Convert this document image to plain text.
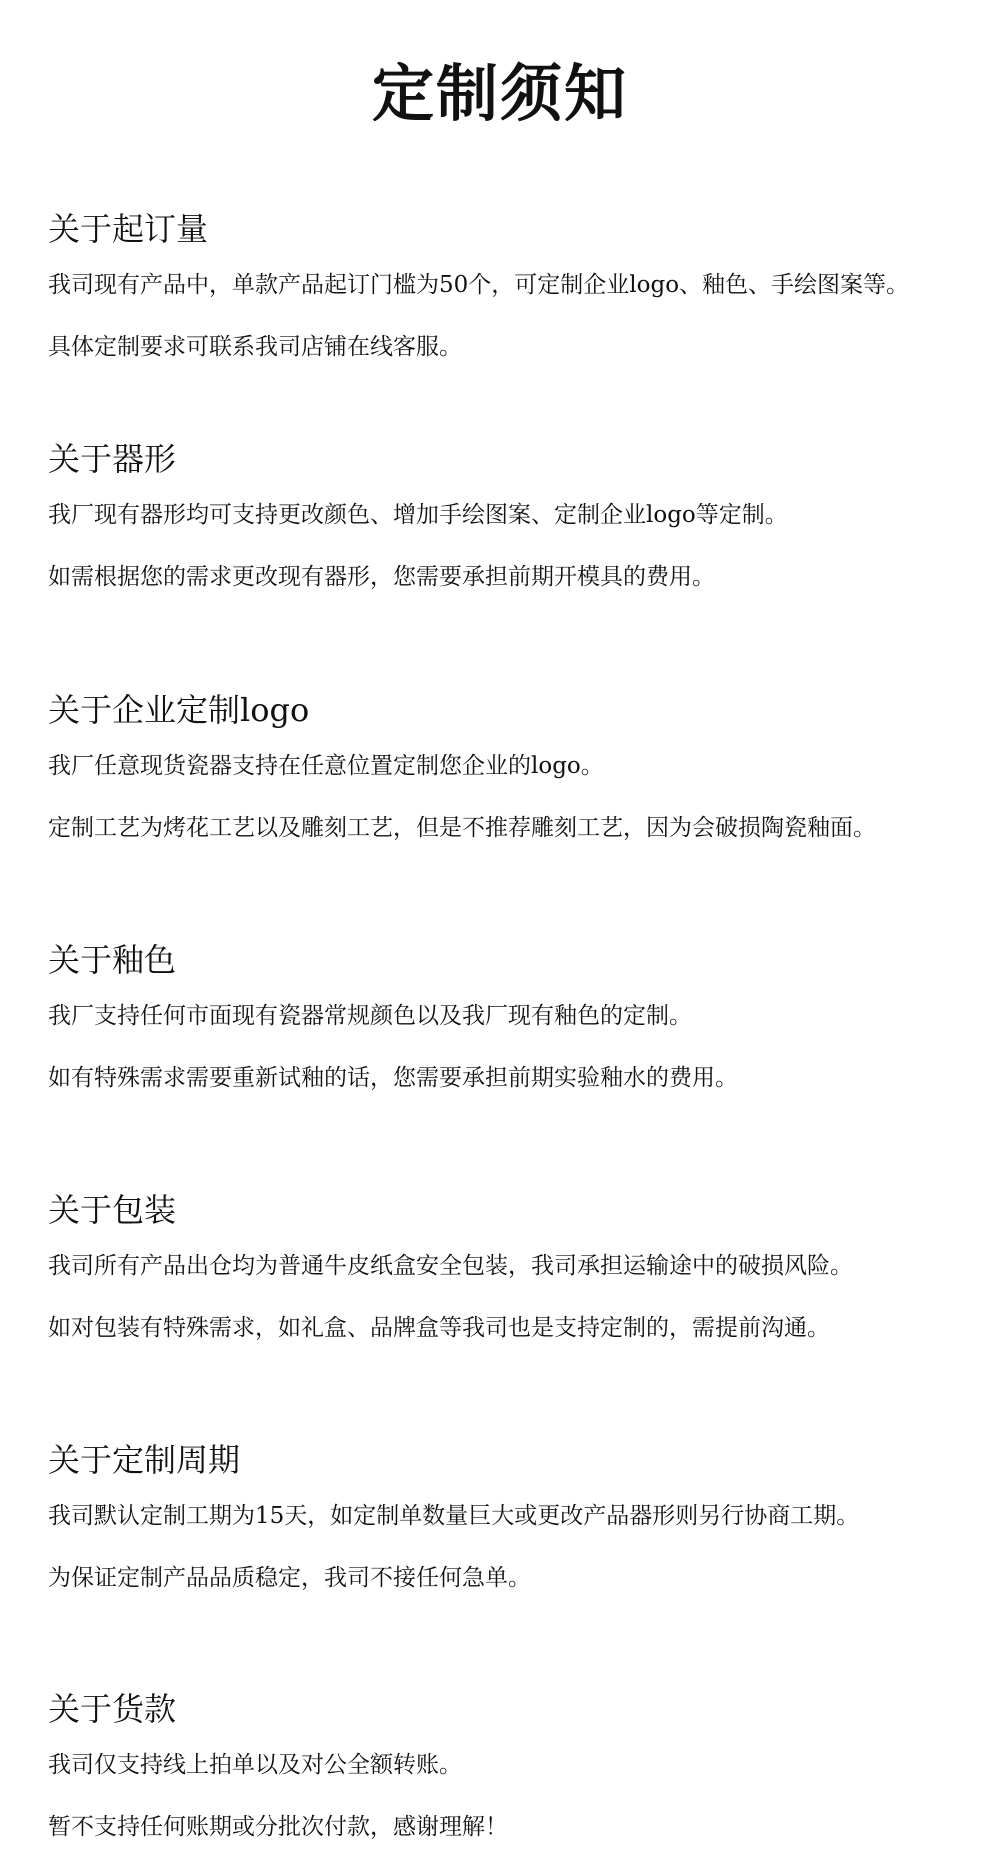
定制须知
关于起订量

我司现有产品中，单款产品起订门槛为50个，可定制企业logo、釉色、手绘图案等。

具体定制要求可联系我司店铺在线客服。

关于器形

我厂现有器形均可支持更改颜色、增加手绘图案、定制企业logo等定制。

如需根据您的需求更改现有器形，您需要承担前期开模具的费用。

关于企业定制logo

我厂任意现货瓷器支持在任意位置定制您企业的logo。

定制工艺为烤花工艺以及雕刻工艺，但是不推荐雕刻工艺，因为会破损陶瓷釉面。

关于釉色

我厂支持任何市面现有瓷器常规颜色以及我厂现有釉色的定制。

如有特殊需求需要重新试釉的话，您需要承担前期实验釉水的费用。

关于包装

我司所有产品出仓均为普通牛皮纸盒安全包装，我司承担运输途中的破损风险。

如对包装有特殊需求，如礼盒、品牌盒等我司也是支持定制的，需提前沟通。

关于定制周期

我司默认定制工期为15天，如定制单数量巨大或更改产品器形则另行协商工期。

为保证定制产品品质稳定，我司不接任何急单。

关于货款

我司仅支持线上拍单以及对公全额转账。

暂不支持任何账期或分批次付款，感谢理解！
